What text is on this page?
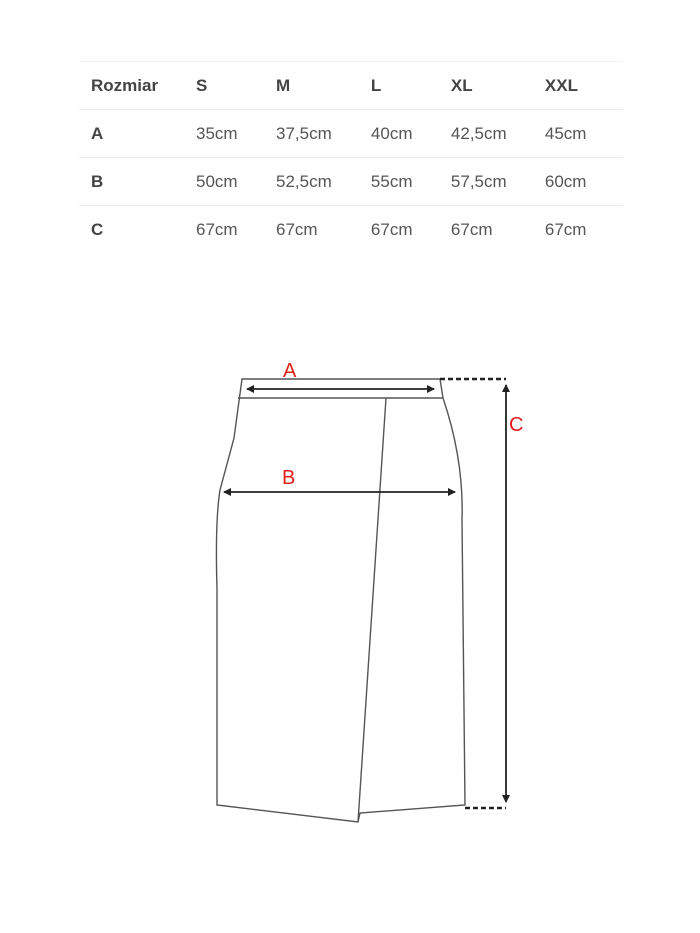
Rozmiar	S	M	L	XL	XXL
A	35cm	37,5cm	40cm	42,5cm	45cm
B	50cm	52,5cm	55cm	57,5cm	60cm
C	67cm	67cm	67cm	67cm	67cm
A
B
C
